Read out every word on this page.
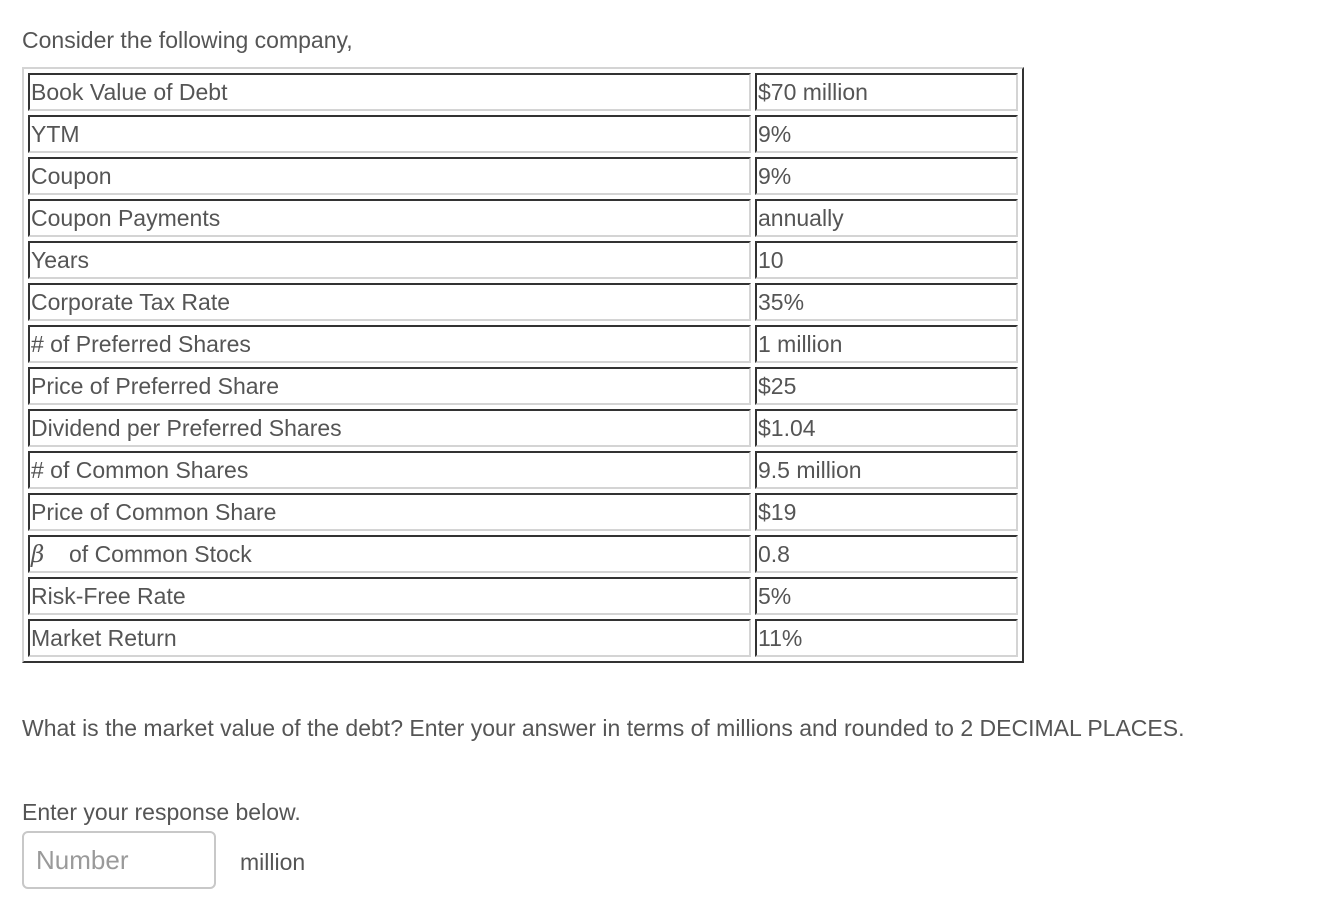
Consider the following company,
Book Value of Debt	$70 million
YTM	9%
Coupon	9%
Coupon Payments	annually
Years	10
Corporate Tax Rate	35%
# of Preferred Shares	1 million
Price of Preferred Share	$25
Dividend per Preferred Shares	$1.04
# of Common Shares	9.5 million
Price of Common Share	$19
β of Common Stock	0.8
Risk-Free Rate	5%
Market Return	11%
What is the market value of the debt? Enter your answer in terms of millions and rounded to 2 DECIMAL PLACES.
Enter your response below.
Number
million
